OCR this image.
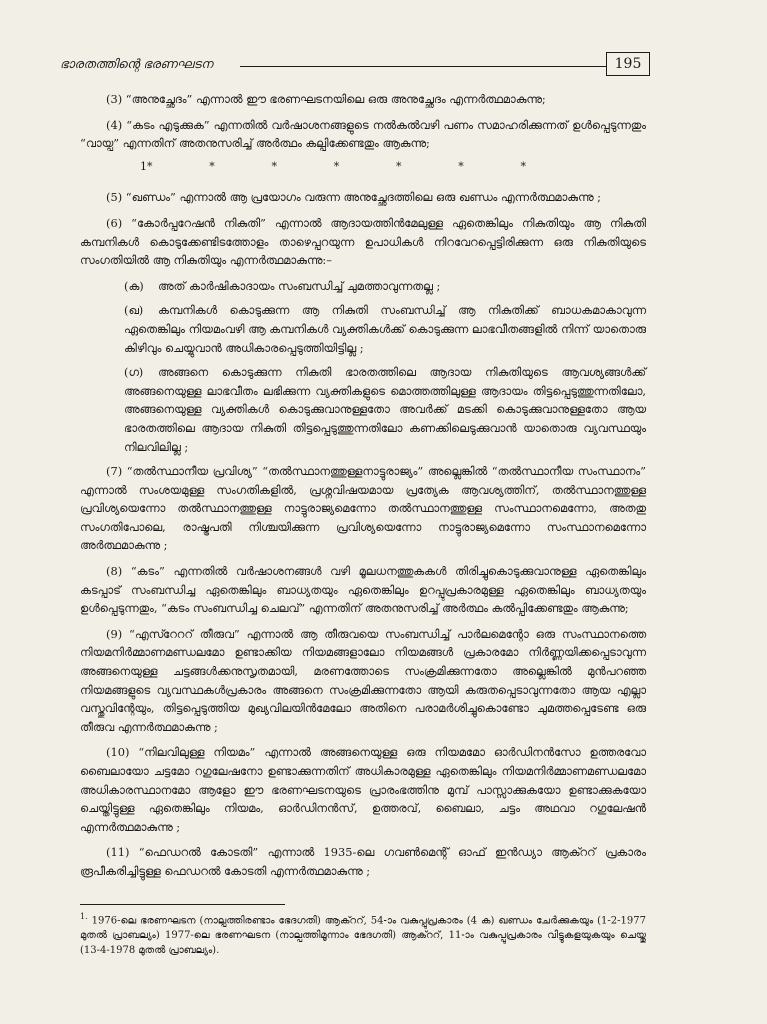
ഭാരതത്തിന്റെ ഭരണഘടന	195

(3) “അനുച്ഛേദം” എന്നാൽ ഈ ഭരണഘടനയിലെ ഒരു അനുച്ഛേദം എന്നർത്ഥമാകുന്നു;

(4) “കടം എടുക്കുക” എന്നതിൽ വർഷാശനങ്ങളുടെ നൽകൽവഴി പണം സമാഹരിക്കുന്നത് ഉൾപ്പെടുന്നതും “വായ്പ” എന്നതിന് അതനുസരിച്ച് അർത്ഥം കല്പിക്കേണ്ടതും ആകുന്നു;

1*	*	*	*	*	*	*

(5) “ഖണ്ഡം” എന്നാൽ ആ പ്രയോഗം വരുന്ന അനുച്ഛേദത്തിലെ ഒരു ഖണ്ഡം എന്നർത്ഥമാകുന്നു ;

(6) “കോർപ്പറേഷൻ നികുതി” എന്നാൽ ആദായത്തിൻമേലുള്ള ഏതെങ്കിലും നികുതിയും ആ നികുതി കമ്പനികൾ കൊടുക്കേണ്ടിടത്തോളം താഴെപ്പറയുന്ന ഉപാധികൾ നിറവേറപ്പെട്ടിരിക്കുന്ന ഒരു നികുതിയുടെ സംഗതിയിൽ ആ നികുതിയും എന്നർത്ഥമാകുന്നു:–

(ക) അത് കാർഷികാദായം സംബന്ധിച്ച് ചുമത്താവുന്നതല്ല ;

(ഖ) കമ്പനികൾ കൊടുക്കുന്ന ആ നികുതി സംബന്ധിച്ച് ആ നികുതിക്ക് ബാധകമാകാവുന്ന ഏതെങ്കിലും നിയമംവഴി ആ കമ്പനികൾ വ്യക്തികൾക്ക് കൊടുക്കുന്ന ലാഭവീതങ്ങളിൽ നിന്ന് യാതൊരു കിഴിവും ചെയ്യുവാൻ അധികാരപ്പെടുത്തിയിട്ടില്ല ;

(ഗ) അങ്ങനെ കൊടുക്കുന്ന നികുതി ഭാരതത്തിലെ ആദായ നികുതിയുടെ ആവശ്യങ്ങൾക്ക് അങ്ങനെയുള്ള ലാഭവീതം ലഭിക്കുന്ന വ്യക്തികളുടെ മൊത്തത്തിലുള്ള ആദായം തിട്ടപ്പെടുത്തുന്നതിലോ, അങ്ങനെയുള്ള വ്യക്തികൾ കൊടുക്കുവാനുള്ളതോ അവർക്ക് മടക്കി കൊടുക്കുവാനുള്ളതോ ആയ ഭാരതത്തിലെ ആദായ നികുതി തിട്ടപ്പെടുത്തുന്നതിലോ കണക്കിലെടുക്കുവാൻ യാതൊരു വ്യവസ്ഥയും നിലവിലില്ല ;

(7) “തൽസ്ഥാനീയ പ്രവിശ്യ” “തൽസ്ഥാനത്തുള്ളനാട്ടുരാജ്യം” അല്ലെങ്കിൽ “തൽസ്ഥാനീയ സംസ്ഥാനം” എന്നാൽ സംശയമുള്ള സംഗതികളിൽ, പ്രശ്നവിഷയമായ പ്രത്യേക ആവശ്യത്തിന്, തൽസ്ഥാനത്തുള്ള പ്രവിശ്യയെന്നോ തൽസ്ഥാനത്തുള്ള നാട്ടുരാജ്യമെന്നോ തൽസ്ഥാനത്തുള്ള സംസ്ഥാനമെന്നോ, അതതു സംഗതിപോലെ, രാഷ്ട്രപതി നിശ്ചയിക്കുന്ന പ്രവിശ്യയെന്നോ നാട്ടുരാജ്യമെന്നോ സംസ്ഥാനമെന്നോ അർത്ഥമാകുന്നു ;

(8) “കടം” എന്നതിൽ വർഷാശനങ്ങൾ വഴി മൂലധനത്തുകകൾ തിരിച്ചുകൊടുക്കുവാനുള്ള ഏതെങ്കിലും കടപ്പാട് സംബന്ധിച്ച ഏതെങ്കിലും ബാധ്യതയും ഏതെങ്കിലും ഉറപ്പുപ്രകാരമുള്ള ഏതെങ്കിലും ബാധ്യതയും ഉൾപ്പെടുന്നതും, “കടം സംബന്ധിച്ച ചെലവ്” എന്നതിന് അതനുസരിച്ച് അർത്ഥം കൽപ്പിക്കേണ്ടതും ആകുന്നു;

(9) “എസ്റേററ് തീരുവ” എന്നാൽ ആ തീരുവയെ സംബന്ധിച്ച് പാർലമെന്റോ ഒരു സംസ്ഥാനത്തെ നിയമനിർമ്മാണമണ്ഡലമോ ഉണ്ടാക്കിയ നിയമങ്ങളാലോ നിയമങ്ങൾ പ്രകാരമോ നിർണ്ണയിക്കപ്പെടാവുന്ന അങ്ങനെയുള്ള ചട്ടങ്ങൾക്കനുസൃതമായി, മരണത്തോടെ സംക്രമിക്കുന്നതോ അല്ലെങ്കിൽ മുൻപറഞ്ഞ നിയമങ്ങളുടെ വ്യവസ്ഥകൾപ്രകാരം അങ്ങനെ സംക്രമിക്കുന്നതോ ആയി കരുതപ്പെടാവുന്നതോ ആയ എല്ലാ വസ്തുവിന്റേയും, തിട്ടപ്പെടുത്തിയ മുഖ്യവിലയിൻമേലോ അതിനെ പരാമർശിച്ചുകൊണ്ടോ ചുമത്തപ്പെടേണ്ട ഒരു തീരുവ എന്നർത്ഥമാകുന്നു ;

(10) “നിലവിലുള്ള നിയമം” എന്നാൽ അങ്ങനെയുള്ള ഒരു നിയമമോ ഓർഡിനൻസോ ഉത്തരവോ ബൈലായോ ചട്ടമോ റഗുലേഷനോ ഉണ്ടാക്കുന്നതിന് അധികാരമുള്ള ഏതെങ്കിലും നിയമനിർമ്മാണമണ്ഡലമോ അധികാരസ്ഥാനമോ ആളോ ഈ ഭരണഘടനയുടെ പ്രാരംഭത്തിനു മുമ്പ് പാസ്സാക്കുകയോ ഉണ്ടാക്കുകയോ ചെയ്തിട്ടുള്ള ഏതെങ്കിലും നിയമം, ഓർഡിനൻസ്, ഉത്തരവ്, ബൈലാ, ചട്ടം അഥവാ റഗുലേഷൻ എന്നർത്ഥമാകുന്നു ;

(11) “ഫെഡറൽ കോടതി” എന്നാൽ 1935-ലെ ഗവൺമെന്റ് ഓഫ് ഇൻഡ്യാ ആക്ററ് പ്രകാരം രൂപീകരിച്ചിട്ടുള്ള ഫെഡറൽ കോടതി എന്നർത്ഥമാകുന്നു ;

$^{1.}$ 1976-ലെ ഭരണഘടന (നാല്പത്തിരണ്ടാം ഭേദഗതി) ആക്ററ്, 54-ാം വകുപ്പുപ്രകാരം (4 ക) ഖണ്ഡം ചേർക്കുകയും (1-2-1977 മുതൽ പ്രാബല്യം) 1977-ലെ ഭരണഘടന (നാല്പത്തിമൂന്നാം ഭേദഗതി) ആക്ററ്, 11-ാം വകുപ്പുപ്രകാരം വിട്ടുകളയുകയും ചെയ്തു (13-4-1978 മുതൽ പ്രാബല്യം).
